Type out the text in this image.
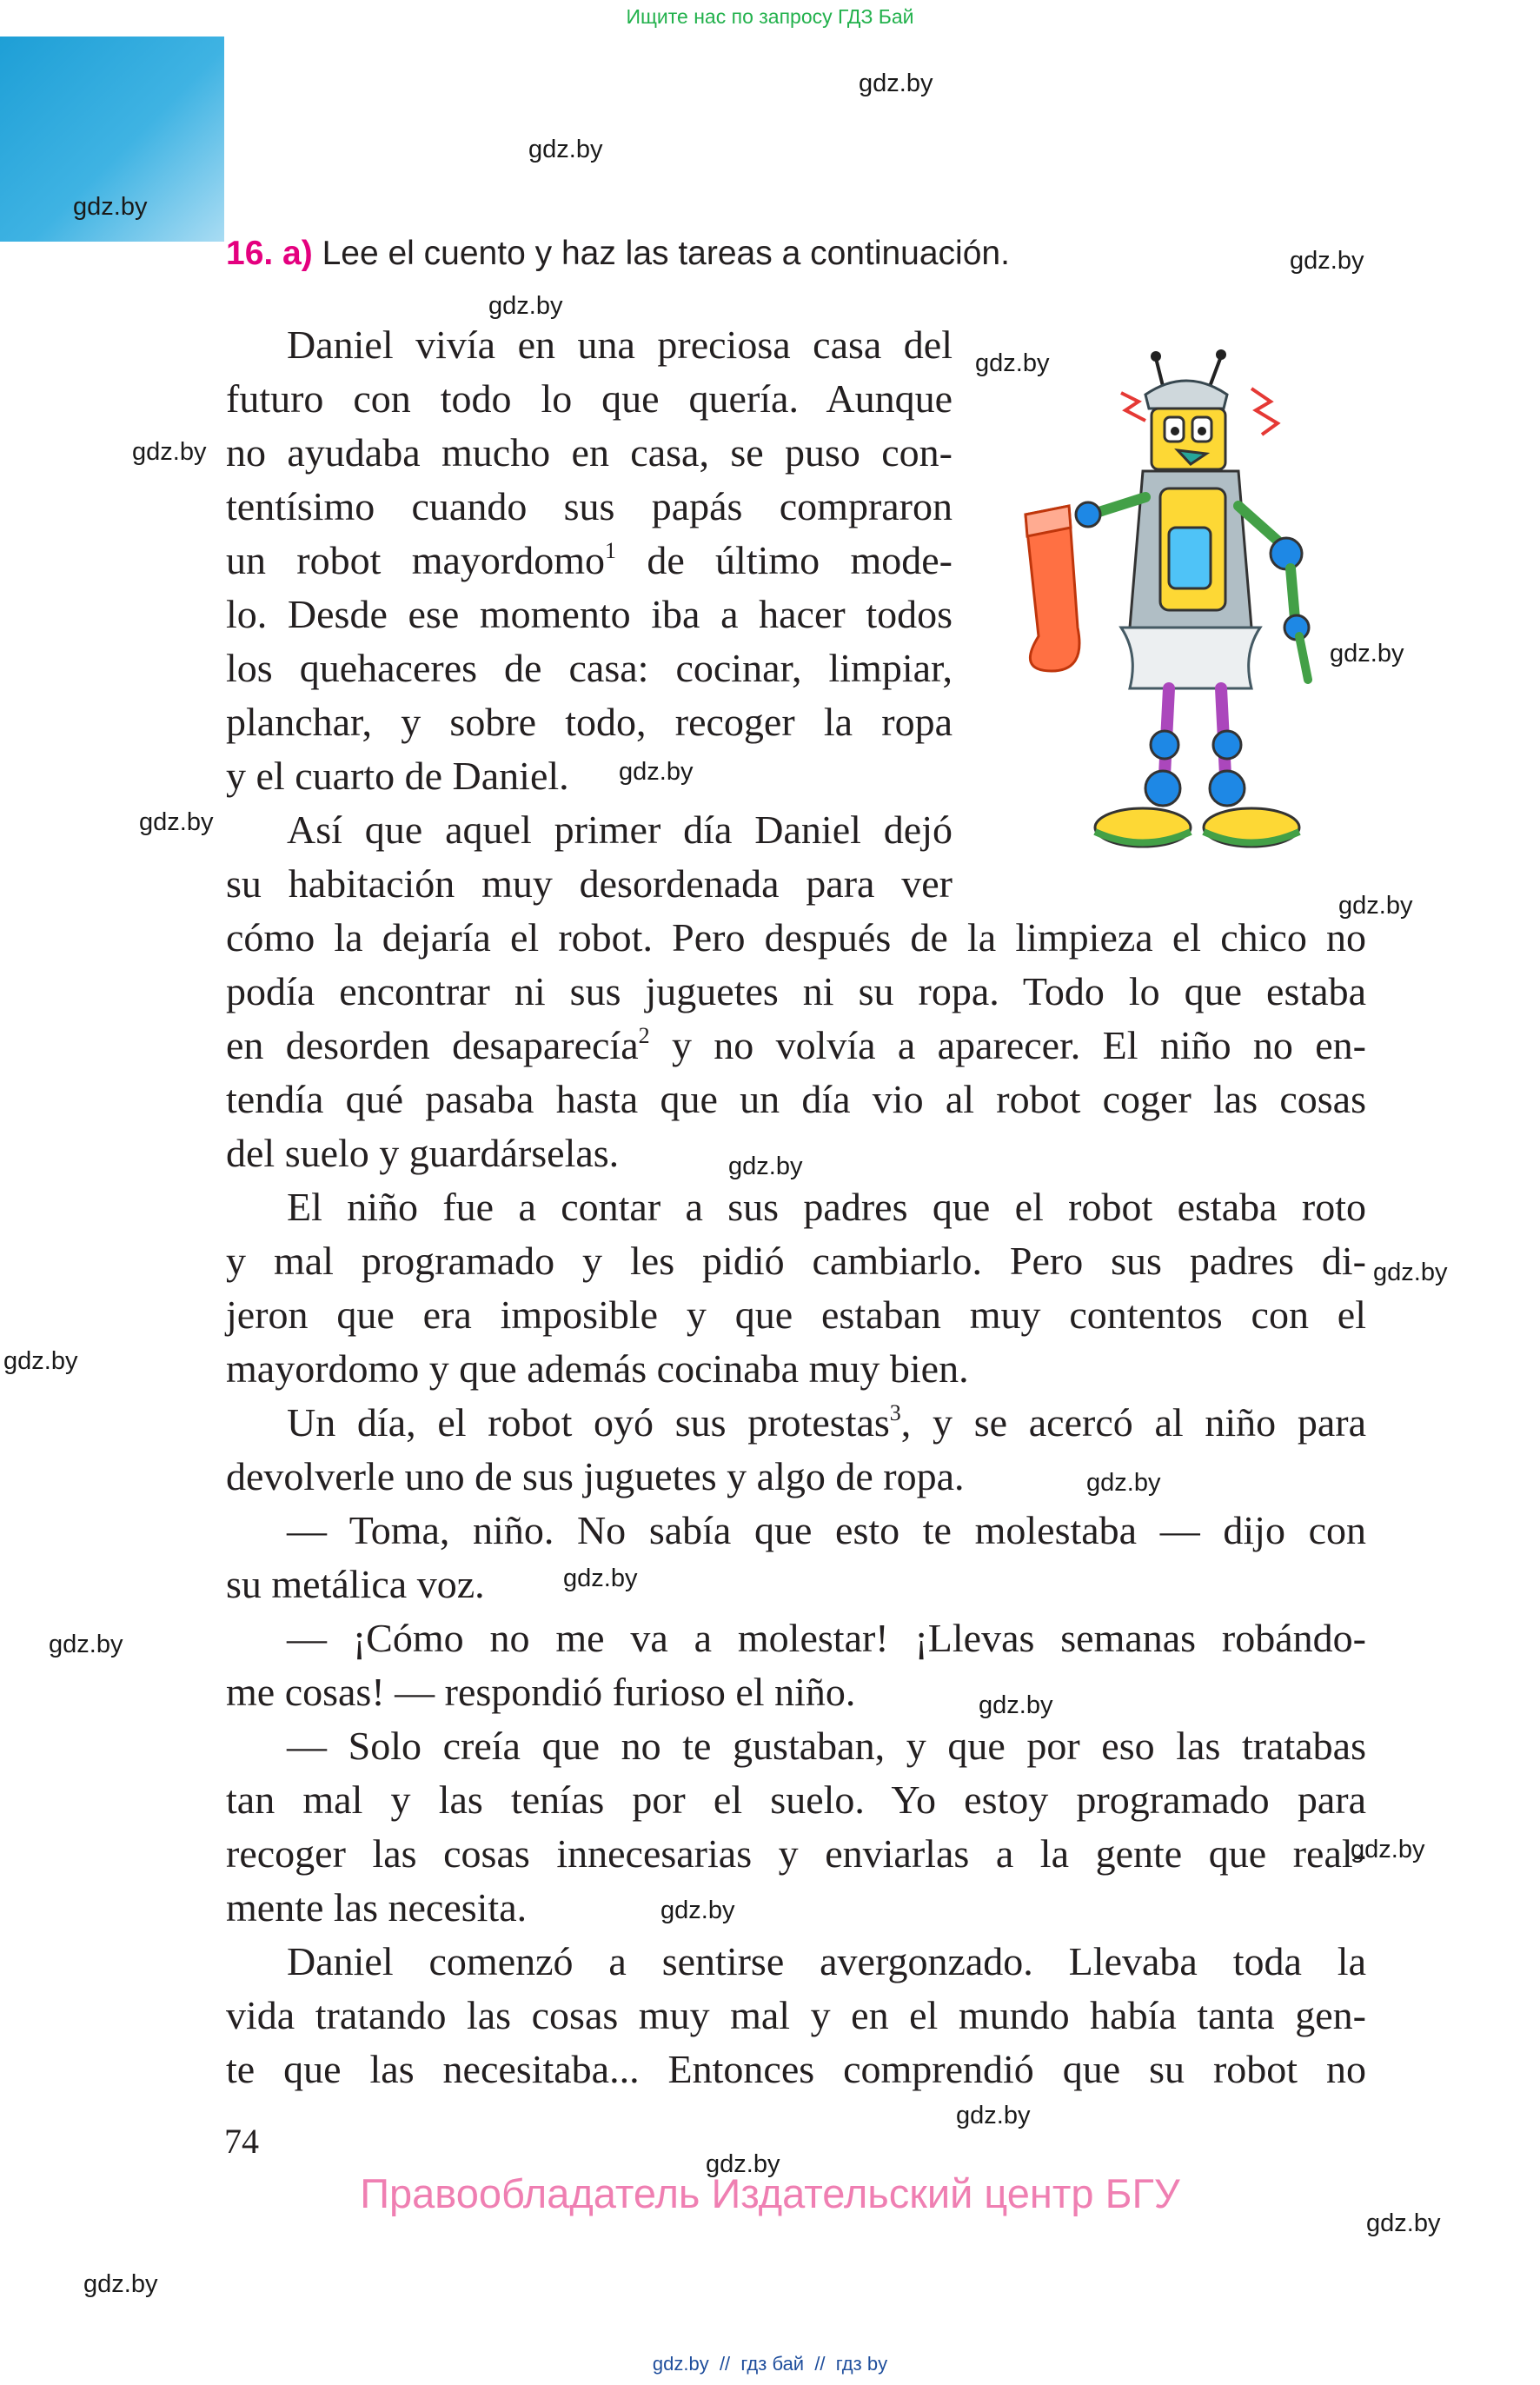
Ищите нас по запросу ГДЗ Бай
gdz.by
gdz.by
gdz.by
gdz.by
gdz.by
gdz.by
gdz.by
gdz.by
gdz.by
gdz.by
gdz.by
gdz.by
gdz.by
gdz.by
gdz.by
gdz.by
gdz.by
gdz.by
gdz.by
gdz.by
gdz.by
gdz.by
gdz.by
gdz.by
16. a) Lee el cuento y haz las tareas a continuación.
Daniel vivía en una preciosa casa del
futuro con todo lo que quería. Aunque
no ayudaba mucho en casa, se puso con-
tentísimo cuando sus papás compraron
un robot mayordomo$^1$ de último mode-
lo. Desde ese momento iba a hacer todos
los quehaceres de casa: cocinar, limpiar,
planchar, y sobre todo, recoger la ropa
y el cuarto de Daniel.
Así que aquel primer día Daniel dejó
su habitación muy desordenada para ver
cómo la dejaría el robot. Pero después de la limpieza el chico no
podía encontrar ni sus juguetes ni su ropa. Todo lo que estaba
en desorden desaparecía$^2$ y no volvía a aparecer. El niño no en-
tendía qué pasaba hasta que un día vio al robot coger las cosas
del suelo y guardárselas.
El niño fue a contar a sus padres que el robot estaba roto
y mal programado y les pidió cambiarlo. Pero sus padres di-
jeron que era imposible y que estaban muy contentos con el
mayordomo y que además cocinaba muy bien.
Un día, el robot oyó sus protestas$^3$, y se acercó al niño para
devolverle uno de sus juguetes y algo de ropa.
— Toma, niño. No sabía que esto te molestaba — dijo con
su metálica voz.
— ¡Cómo no me va a molestar! ¡Llevas semanas robándo-
me cosas! — respondió furioso el niño.
— Solo creía que no te gustaban, y que por eso las tratabas
tan mal y las tenías por el suelo. Yo estoy programado para
recoger las cosas innecesarias y enviarlas a la gente que real-
mente las necesita.
Daniel comenzó a sentirse avergonzado. Llevaba toda la
vida tratando las cosas muy mal y en el mundo había tanta gen-
te que las necesitaba... Entonces comprendió que su robot no
74
Правообладатель Издательский центр БГУ
gdz.by  //  гдз бай  //  гдз by
